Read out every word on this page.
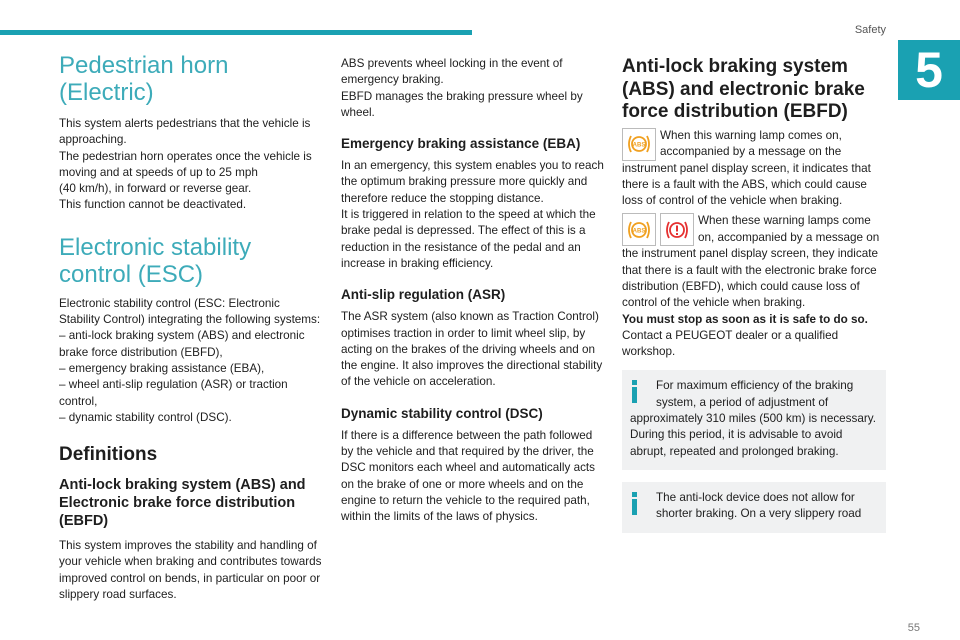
Safety
5
Pedestrian horn (Electric)

This system alerts pedestrians that the vehicle is approaching.

The pedestrian horn operates once the vehicle is moving and at speeds of up to 25 mph

(40 km/h), in forward or reverse gear.

This function cannot be deactivated.

Electronic stability control (ESC)

Electronic stability control (ESC: Electronic Stability Control) integrating the following systems:

– anti-lock braking system (ABS) and electronic brake force distribution (EBFD),

– emergency braking assistance (EBA),

– wheel anti-slip regulation (ASR) or traction control,

– dynamic stability control (DSC).

Definitions
Anti-lock braking system (ABS) and Electronic brake force distribution (EBFD)

This system improves the stability and handling of your vehicle when braking and contributes towards improved control on bends, in particular on poor or slippery road surfaces.

ABS prevents wheel locking in the event of emergency braking.

EBFD manages the braking pressure wheel by wheel.

Emergency braking assistance (EBA)

In an emergency, this system enables you to reach the optimum braking pressure more quickly and therefore reduce the stopping distance.

It is triggered in relation to the speed at which the brake pedal is depressed. The effect of this is a reduction in the resistance of the pedal and an increase in braking efficiency.

Anti-slip regulation (ASR)

The ASR system (also known as Traction Control) optimises traction in order to limit wheel slip, by acting on the brakes of the driving wheels and on the engine. It also improves the directional stability of the vehicle on acceleration.

Dynamic stability control (DSC)

If there is a difference between the path followed by the vehicle and that required by the driver, the DSC monitors each wheel and automatically acts on the brake of one or more wheels and on the engine to return the vehicle to the required path, within the limits of the laws of physics.

Anti-lock braking system (ABS) and electronic brake force distribution (EBFD)
ABS

When this warning lamp comes on,

accompanied by a message on the

instrument panel display screen, it indicates that there is a fault with the ABS, which could cause loss of control of the vehicle when braking.

ABS

When these warning lamps come

on, accompanied by a message on

the instrument panel display screen, they indicate that there is a fault with the electronic brake force distribution (EBFD), which could cause loss of control of the vehicle when braking.

You must stop as soon as it is safe to do so.

Contact a PEUGEOT dealer or a qualified workshop.

For maximum efficiency of the braking

system, a period of adjustment of approximately 310 miles (500 km) is necessary. During this period, it is advisable to avoid abrupt, repeated and prolonged braking.

The anti-lock device does not allow for

shorter braking. On a very slippery road

55
